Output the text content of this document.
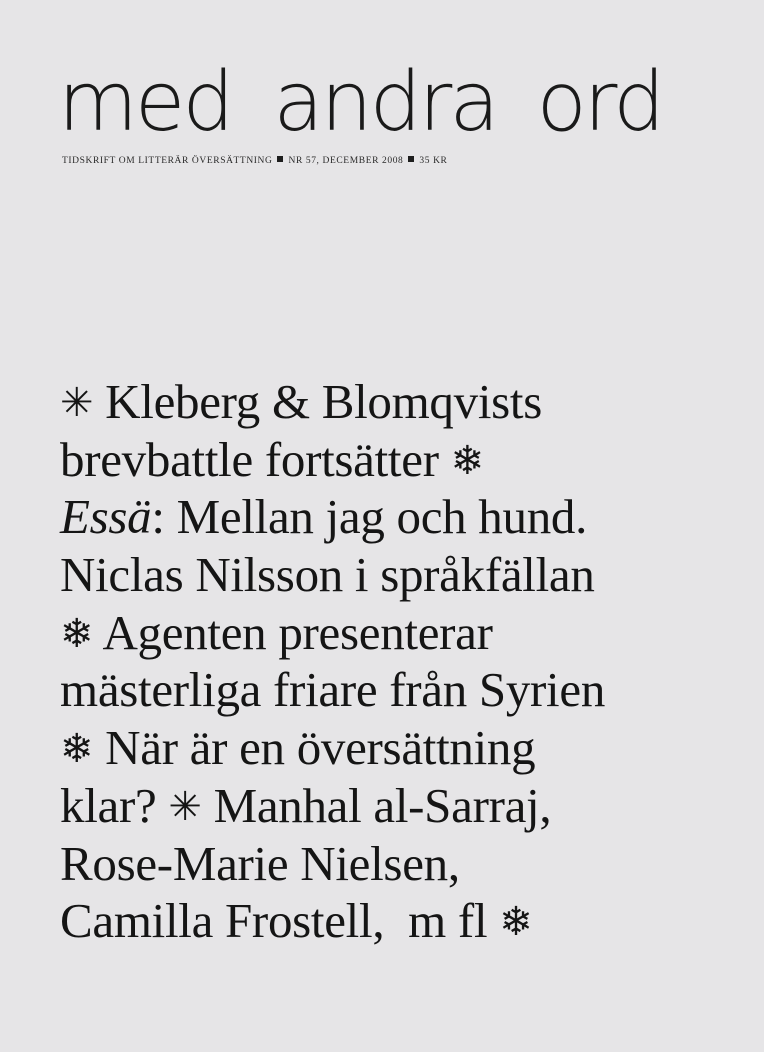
med andra ord
TIDSKRIFT OM LITTERÄR ÖVERSÄTTNING NR 57, DECEMBER 2008 35 KR
✳ Kleberg & Blomqvists
brevbattle fortsätter ❄
Essä: Mellan jag och hund.
Niclas Nilsson i språkfällan
❄ Agenten presenterar
mästerliga friare från Syrien
❄ När är en översättning
klar? ✳ Manhal al-Sarraj,
Rose-Marie Nielsen,
Camilla Frostell,  m fl ❄
